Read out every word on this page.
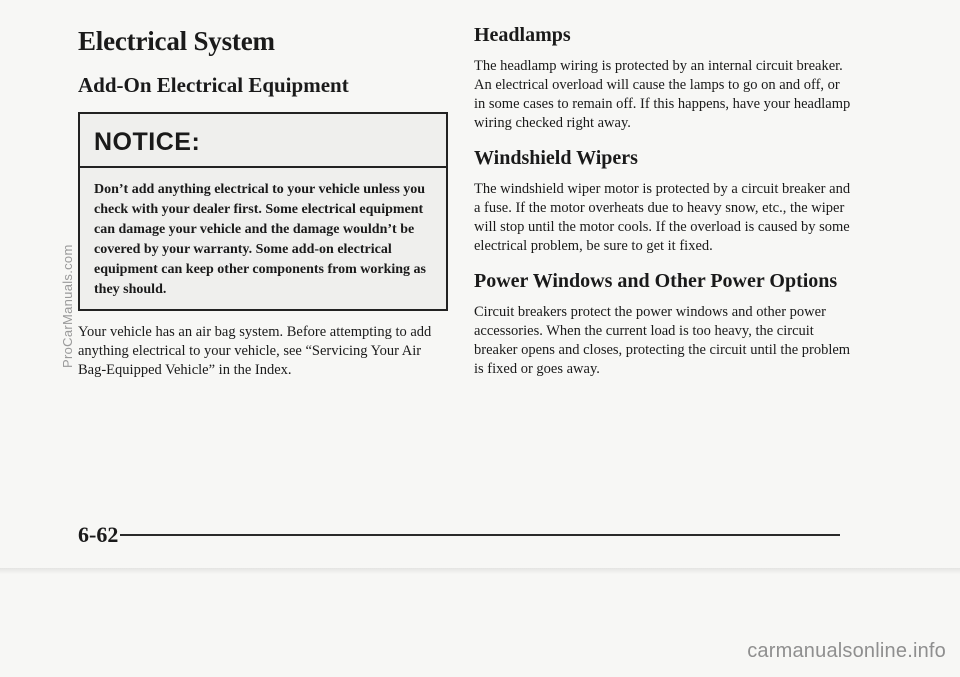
Electrical System
Add-On Electrical Equipment
NOTICE:
Don’t add anything electrical to your vehicle unless you check with your dealer first. Some electrical equipment can damage your vehicle and the damage wouldn’t be covered by your warranty. Some add-on electrical equipment can keep other components from working as they should.

Your vehicle has an air bag system. Before attempting to add anything electrical to your vehicle, see “Servicing Your Air Bag-Equipped Vehicle” in the Index.

Headlamps

The headlamp wiring is protected by an internal circuit breaker. An electrical overload will cause the lamps to go on and off, or in some cases to remain off. If this happens, have your headlamp wiring checked right away.

Windshield Wipers

The windshield wiper motor is protected by a circuit breaker and a fuse. If the motor overheats due to heavy snow, etc., the wiper will stop until the motor cools. If the overload is caused by some electrical problem, be sure to get it fixed.

Power Windows and Other Power Options

Circuit breakers protect the power windows and other power accessories. When the current load is too heavy, the circuit breaker opens and closes, protecting the circuit until the problem is fixed or goes away.

6-62
ProCarManuals.com
carmanualsonline.info
